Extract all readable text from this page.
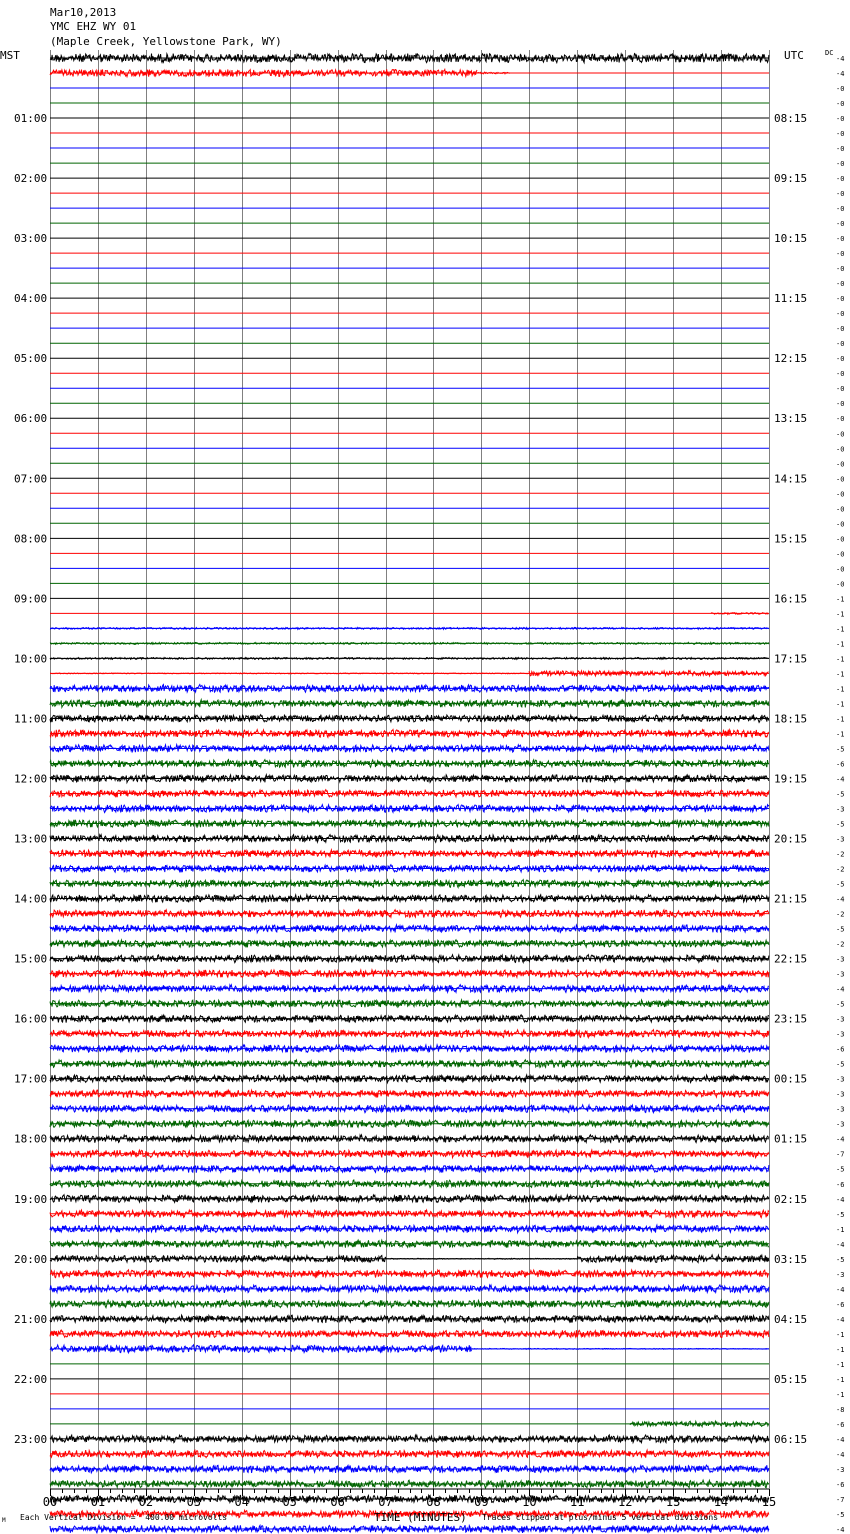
Mar10,2013
YMC EHZ WY 01
(Maple Creek, Yellowstone Park, WY)
MST	UTC	DC
01:00	08:15
02:00	09:15
03:00	10:15
04:00	11:15
05:00	12:15
06:00	13:15
07:00	14:15
08:00	15:15
09:00	16:15
10:00	17:15
11:00	18:15
12:00	19:15
13:00	20:15
14:00	21:15
15:00	22:15
16:00	23:15
17:00	00:15
18:00	01:15
19:00	02:15
20:00	03:15
21:00	04:15
22:00	05:15
23:00	06:15
-4
-4
-0
-0
-0
-0
-0
-0
-0
-0
-0
-0
-0
-0
-0
-0
-0
-0
-0
-0
-0
-0
-0
-0
-0
-0
-0
-0
-0
-0
-0
-0
-0
-0
-0
-0
-1
-1
-1
-1
-1
-1
-1
-1
-1
-1
-5
-6
-4
-5
-3
-5
-3
-2
-2
-5
-4
-2
-5
-2
-3
-3
-4
-5
-3
-3
-6
-5
-3
-3
-3
-3
-4
-7
-5
-6
-4
-5
-1
-4
-5
-3
-4
-6
-4
-1
-1
-1
-1
-1
-8
-6
-4
-4
-3
-6
-7
-5
-4
00	01	02	03	04	05	06	07	08	09	10	11	12	13	14	15
M Each Vertical Division =  400.00 microvolts	TIME (MINUTES) Traces clipped at plus/minus 5 vertical divisions
